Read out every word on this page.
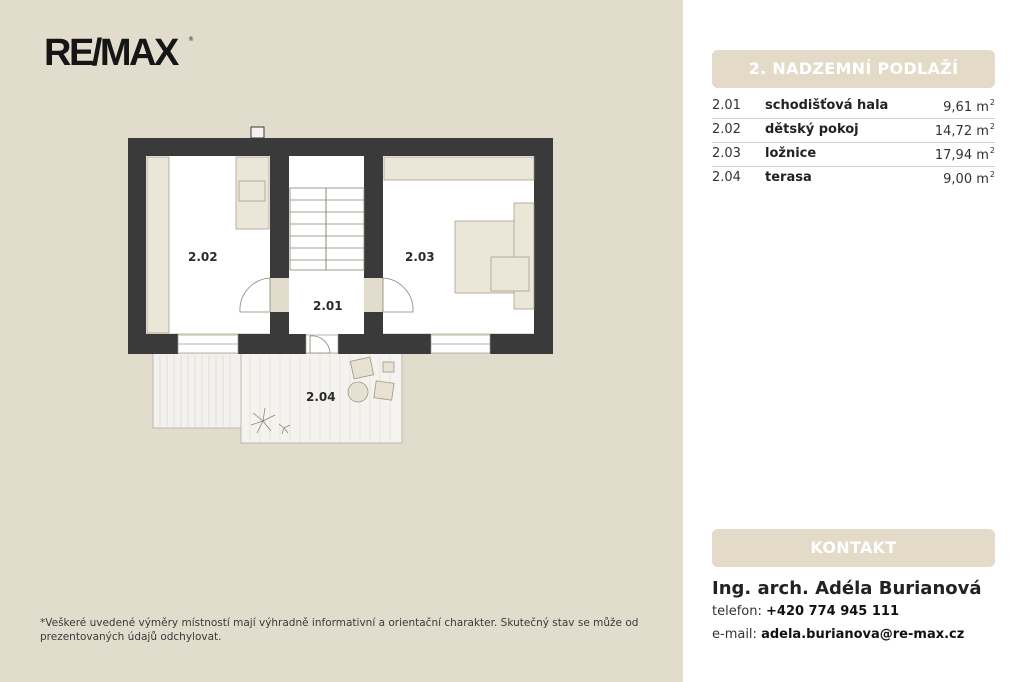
RE/MAX ®
2.02
2.01
2.03
2.04
*Veškeré uvedené výměry místností mají výhradně informativní a orientační charakter. Skutečný stav se může od prezentovaných údajů odchylovat.
2. NADZEMNÍ PODLAŽÍ
2.01 schodišťová hala	9,61 $m^2$
2.02 dětský pokoj	14,72 $m^2$
2.03 ložnice	17,94 $m^2$
2.04 terasa	9,00 $m^2$
KONTAKT
Ing. arch. Adéla Burianová
telefon: +420 774 945 111
e-mail: adela.burianova@re-max.cz
